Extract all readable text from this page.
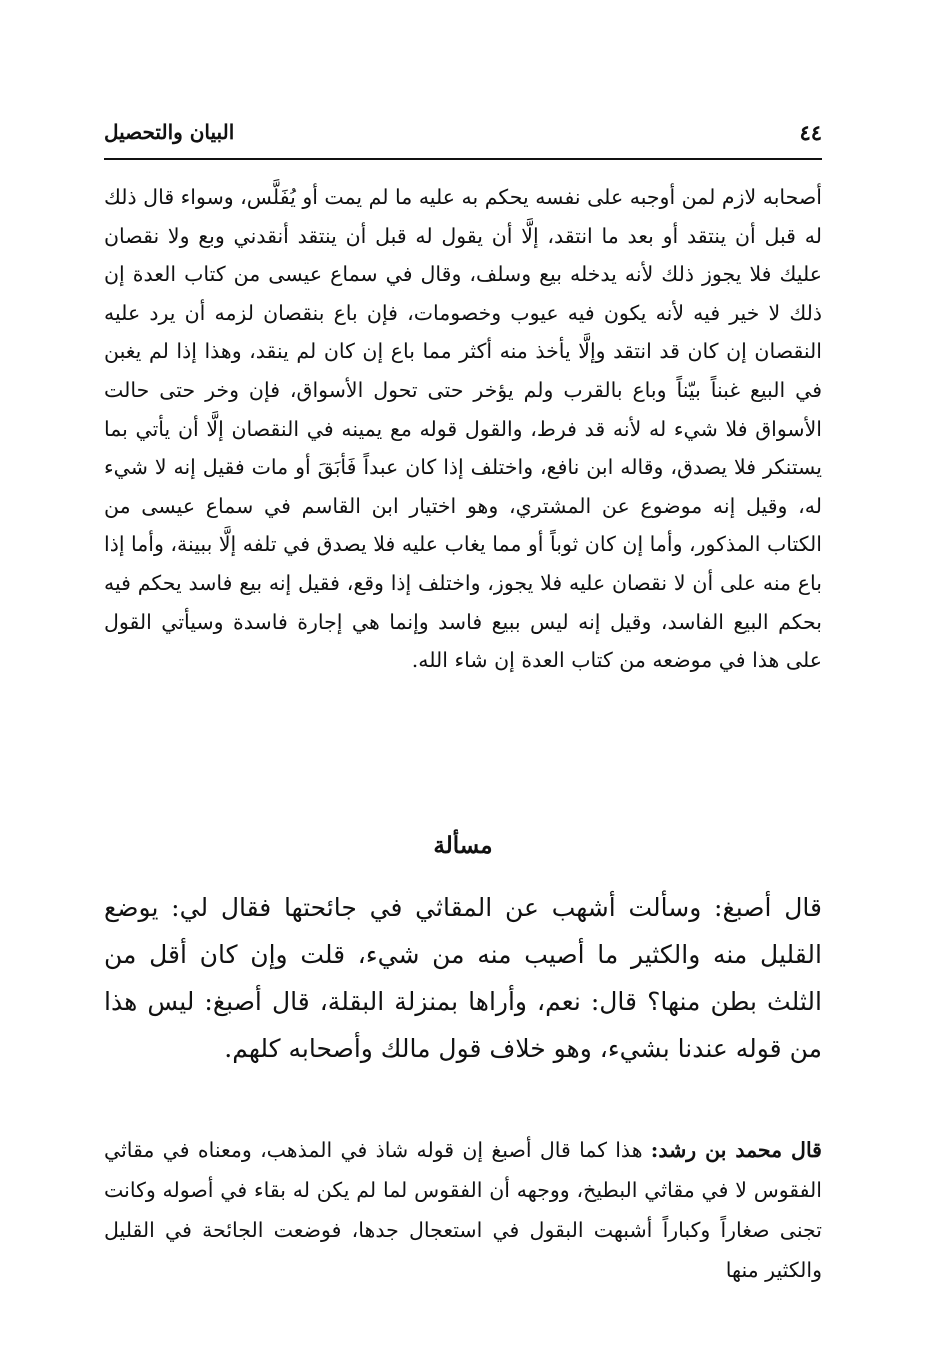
٤٤
البيان والتحصيل

أصحابه لازم لمن أوجبه على نفسه يحكم به عليه ما لم يمت أو يُفَلَّس، وسواء قال ذلك له قبل أن ينتقد أو بعد ما انتقد، إلَّا أن يقول له قبل أن ينتقد أنقدني وبع ولا نقصان عليك فلا يجوز ذلك لأنه يدخله بيع وسلف، وقال في سماع عيسى من كتاب العدة إن ذلك لا خير فيه لأنه يكون فيه عيوب وخصومات، فإن باع بنقصان لزمه أن يرد عليه النقصان إن كان قد انتقد وإلَّا يأخذ منه أكثر مما باع إن كان لم ينقد، وهذا إذا لم يغبن في البيع غبناً بيّناً وباع بالقرب ولم يؤخر حتى تحول الأسواق، فإن وخر حتى حالت الأسواق فلا شيء له لأنه قد فرط، والقول قوله مع يمينه في النقصان إلَّا أن يأتي بما يستنكر فلا يصدق، وقاله ابن نافع، واختلف إذا كان عبداً فَأبَقَ أو مات فقيل إنه لا شيء له، وقيل إنه موضوع عن المشتري، وهو اختيار ابن القاسم في سماع عيسى من الكتاب المذكور، وأما إن كان ثوباً أو مما يغاب عليه فلا يصدق في تلفه إلَّا ببينة، وأما إذا باع منه على أن لا نقصان عليه فلا يجوز، واختلف إذا وقع، فقيل إنه بيع فاسد يحكم فيه بحكم البيع الفاسد، وقيل إنه ليس ببيع فاسد وإنما هي إجارة فاسدة وسيأتي القول على هذا في موضعه من كتاب العدة إن شاء الله.

مسألة

قال أصبغ: وسألت أشهب عن المقاثي في جائحتها فقال لي: يوضع القليل منه والكثير ما أصيب منه من شيء، قلت وإن كان أقل من الثلث بطن منها؟ قال: نعم، وأراها بمنزلة البقلة، قال أصبغ: ليس هذا من قوله عندنا بشيء، وهو خلاف قول مالك وأصحابه كلهم.

قال محمد بن رشد: هذا كما قال أصبغ إن قوله شاذ في المذهب، ومعناه في مقاثي الفقوس لا في مقاثي البطيخ، ووجهه أن الفقوس لما لم يكن له بقاء في أصوله وكانت تجنى صغاراً وكباراً أشبهت البقول في استعجال جدها، فوضعت الجائحة في القليل والكثير منها
